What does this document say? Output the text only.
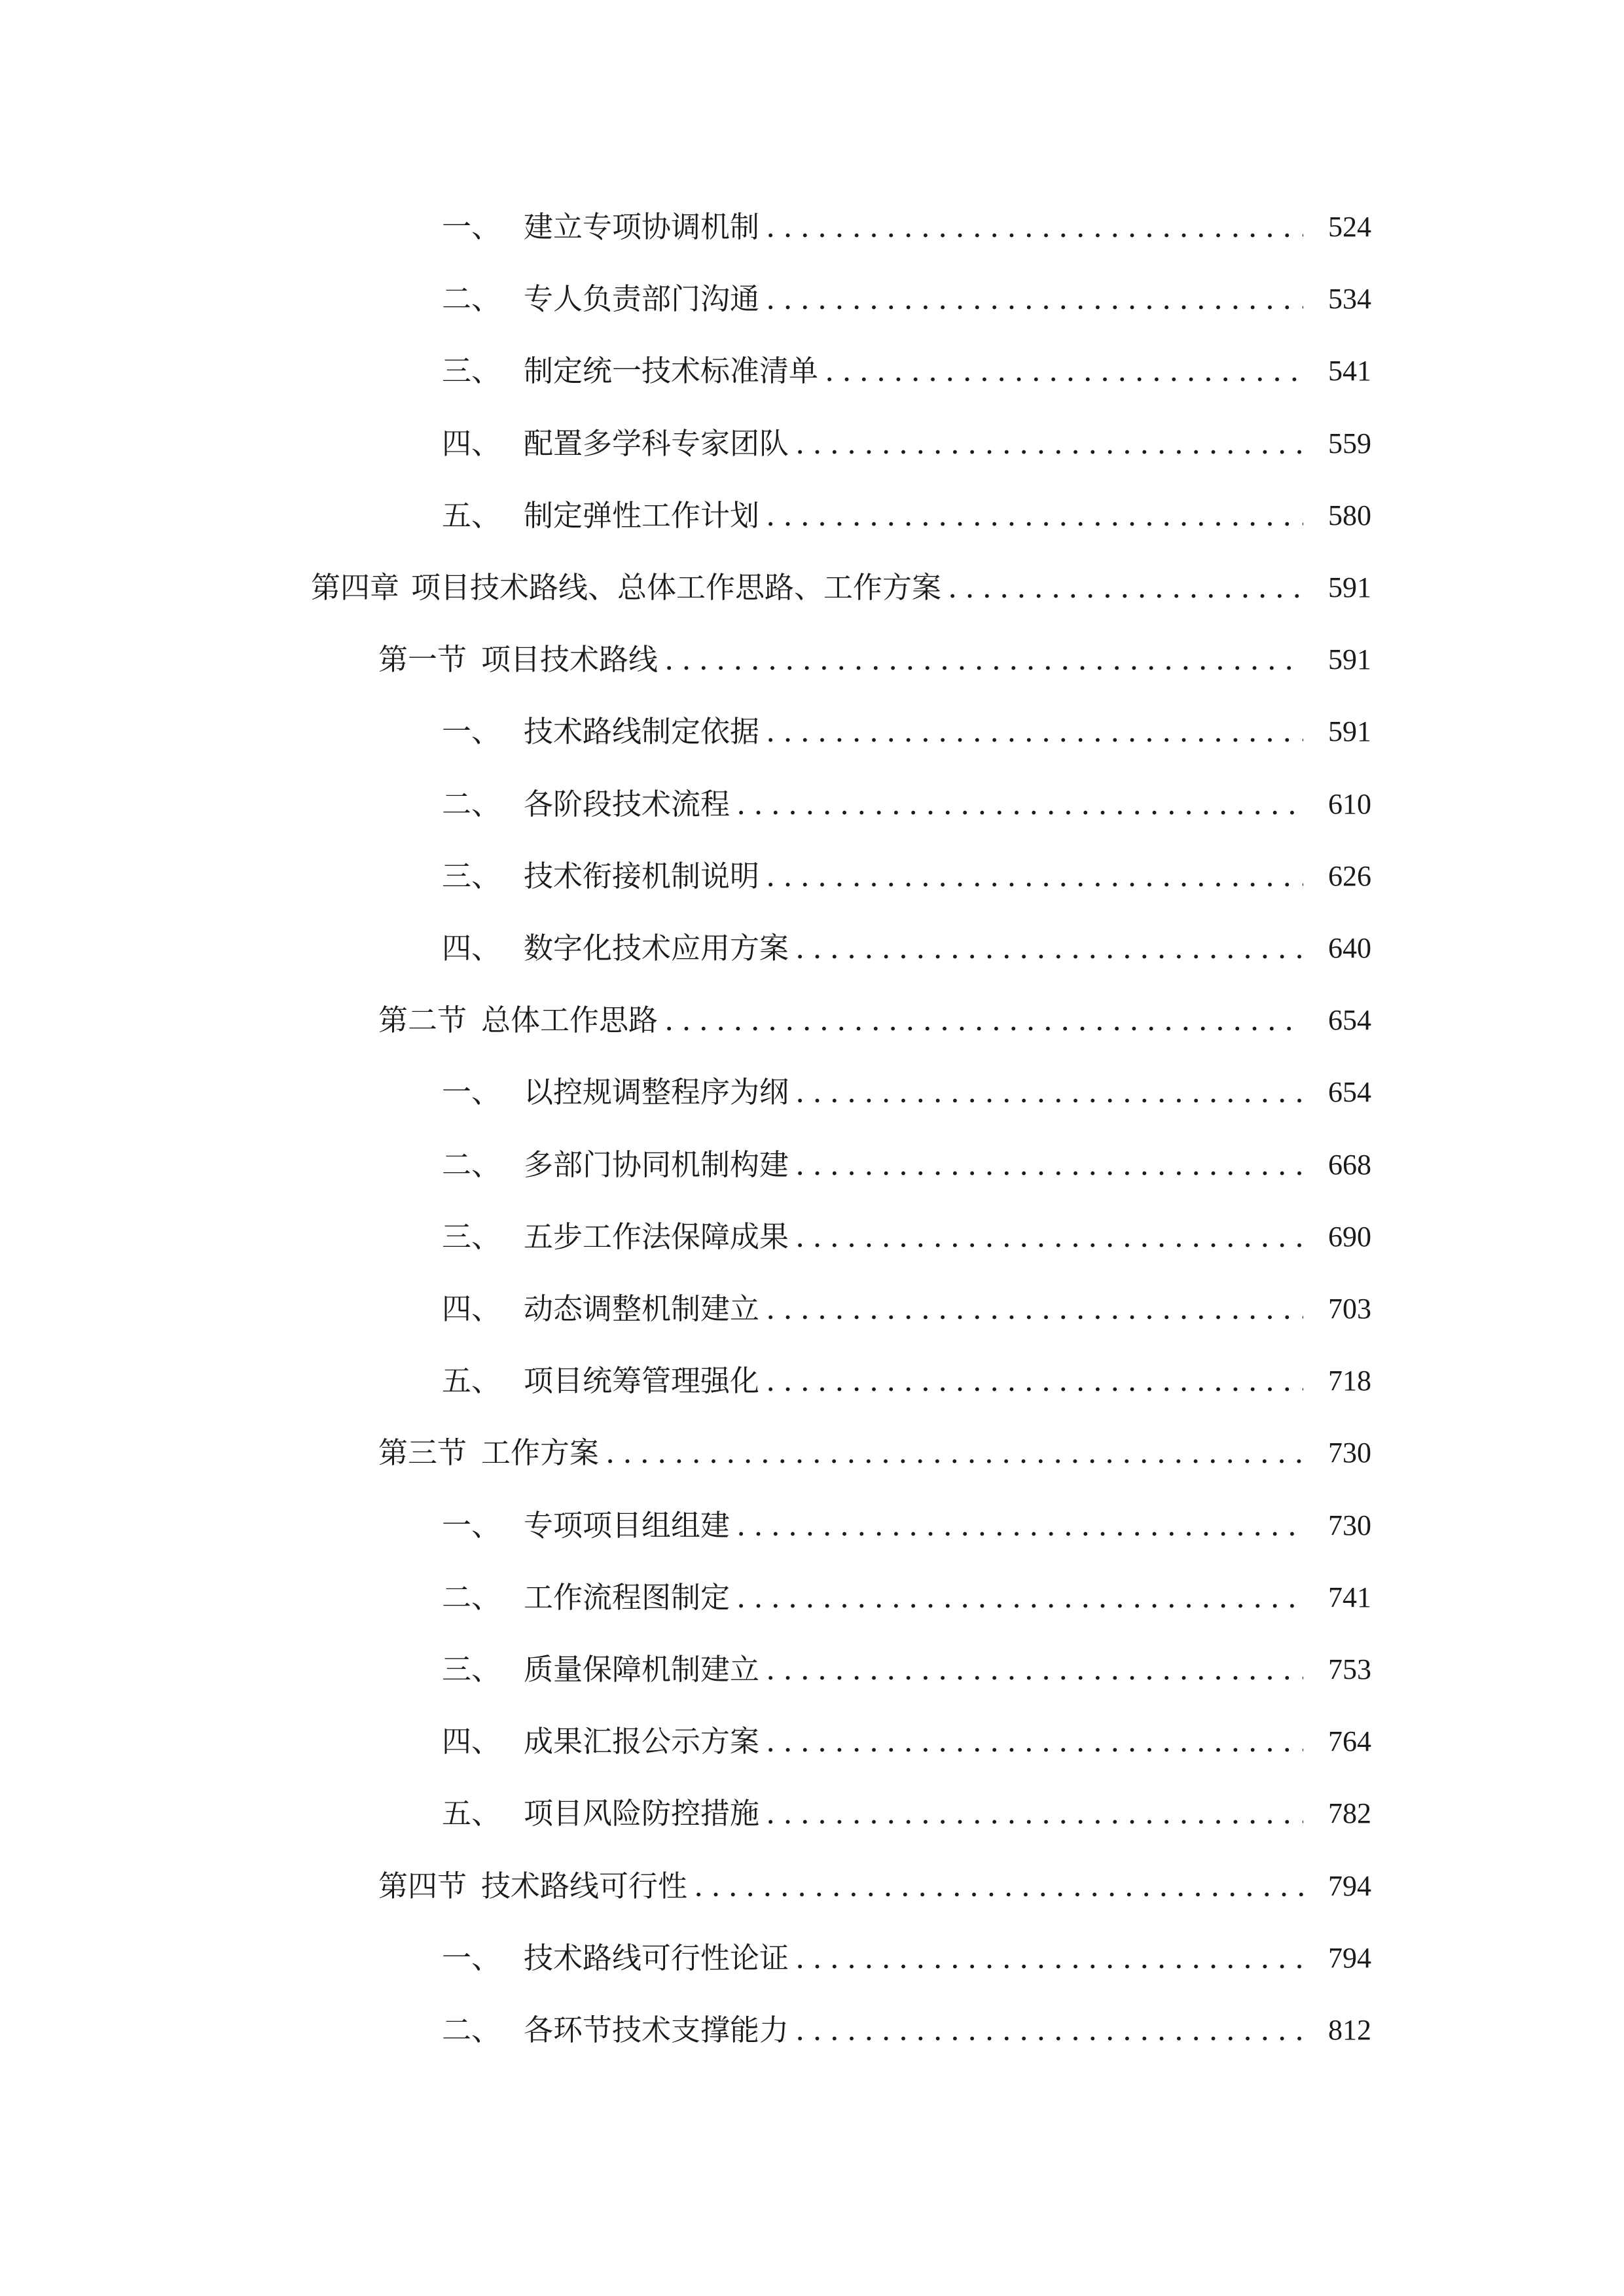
一、 建立专项协调机制 .....	524
二、 专人负责部门沟通 .....	534
三、 制定统一技术标准清单 .....	541
四、 配置多学科专家团队 .....	559
五、 制定弹性工作计划 .....	580
第四章 项目技术路线、总体工作思路、工作方案 .....	591
第一节 项目技术路线 .....	591
一、 技术路线制定依据 .....	591
二、 各阶段技术流程 .....	610
三、 技术衔接机制说明 .....	626
四、 数字化技术应用方案 .....	640
第二节 总体工作思路 .....	654
一、 以控规调整程序为纲 .....	654
二、 多部门协同机制构建 .....	668
三、 五步工作法保障成果 .....	690
四、 动态调整机制建立 .....	703
五、 项目统筹管理强化 .....	718
第三节 工作方案 .....	730
一、 专项项目组组建 .....	730
二、 工作流程图制定 .....	741
三、 质量保障机制建立 .....	753
四、 成果汇报公示方案 .....	764
五、 项目风险防控措施 .....	782
第四节 技术路线可行性 .....	794
一、 技术路线可行性论证 .....	794
二、 各环节技术支撑能力 .....	812
